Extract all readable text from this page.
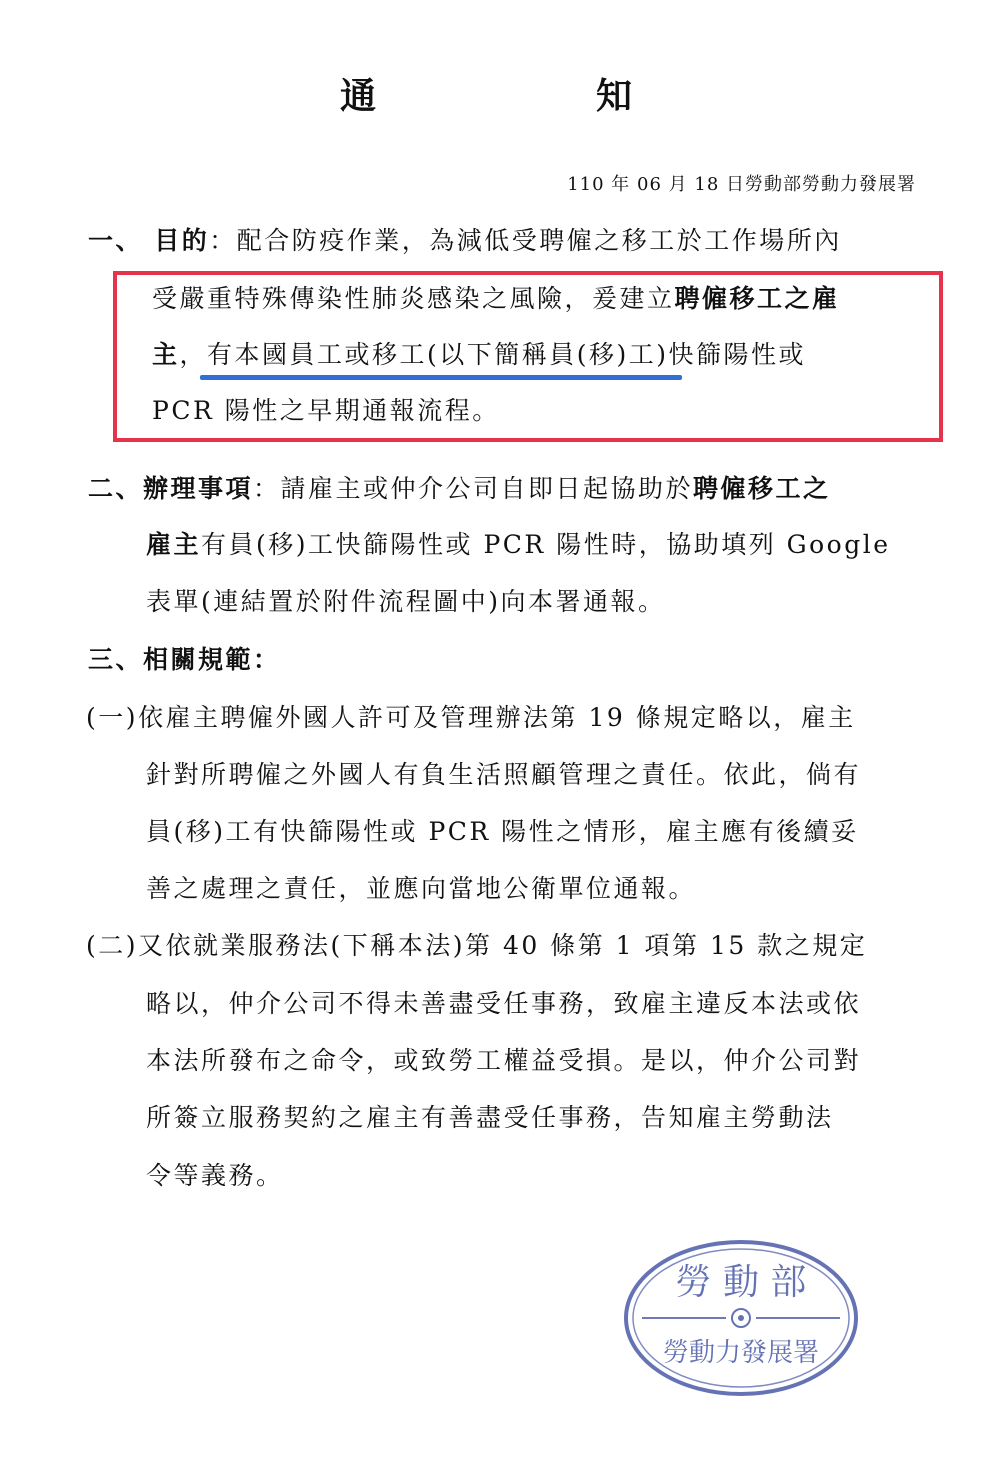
通	知
110 年 06 月 18 日勞動部勞動力發展署
一、 目的：配合防疫作業，為減低受聘僱之移工於工作場所內
受嚴重特殊傳染性肺炎感染之風險，爰建立聘僱移工之雇
主，有本國員工或移工(以下簡稱員(移)工)快篩陽性或
PCR 陽性之早期通報流程。
二、辦理事項：請雇主或仲介公司自即日起協助於聘僱移工之
雇主有員(移)工快篩陽性或 PCR 陽性時，協助填列 Google
表單(連結置於附件流程圖中)向本署通報。
三、相關規範：
(一)依雇主聘僱外國人許可及管理辦法第 19 條規定略以，雇主
針對所聘僱之外國人有負生活照顧管理之責任。依此，倘有
員(移)工有快篩陽性或 PCR 陽性之情形，雇主應有後續妥
善之處理之責任，並應向當地公衛單位通報。
(二)又依就業服務法(下稱本法)第 40 條第 1 項第 15 款之規定
略以，仲介公司不得未善盡受任事務，致雇主違反本法或依
本法所發布之命令，或致勞工權益受損。是以，仲介公司對
所簽立服務契約之雇主有善盡受任事務，告知雇主勞動法
令等義務。
勞 動 部
勞動力發展署
